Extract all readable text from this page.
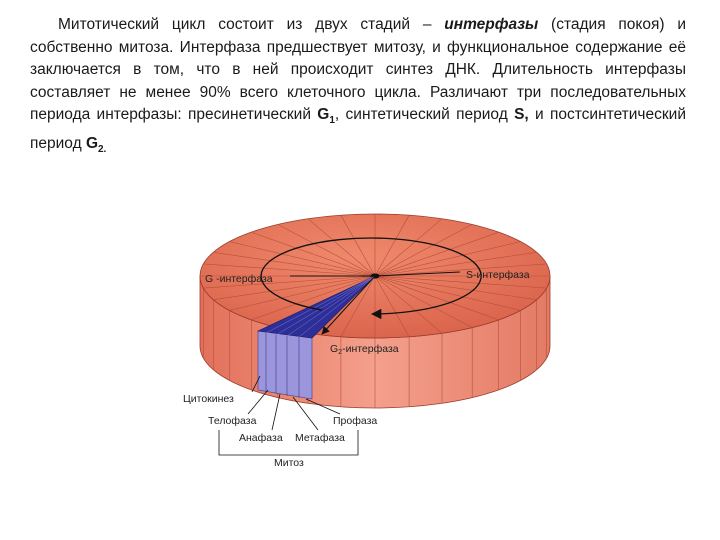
Митотический цикл состоит из двух стадий – интерфазы (стадия покоя) и собственно митоза. Интерфаза предшествует митозу, и функциональное содержание её заключается в том, что в ней происходит синтез ДНК. Длительность интерфазы составляет не менее 90% всего клеточного цикла. Различают три последовательных периода интерфазы: пресинетический $G_1$, синтетический период S, и постсинтетический период $G_{2.}$

G -интерфаза	S-интерфаза
G2-интерфаза
Цитокинез
Телофаза	Профаза
Анафаза Метафаза
Митоз
